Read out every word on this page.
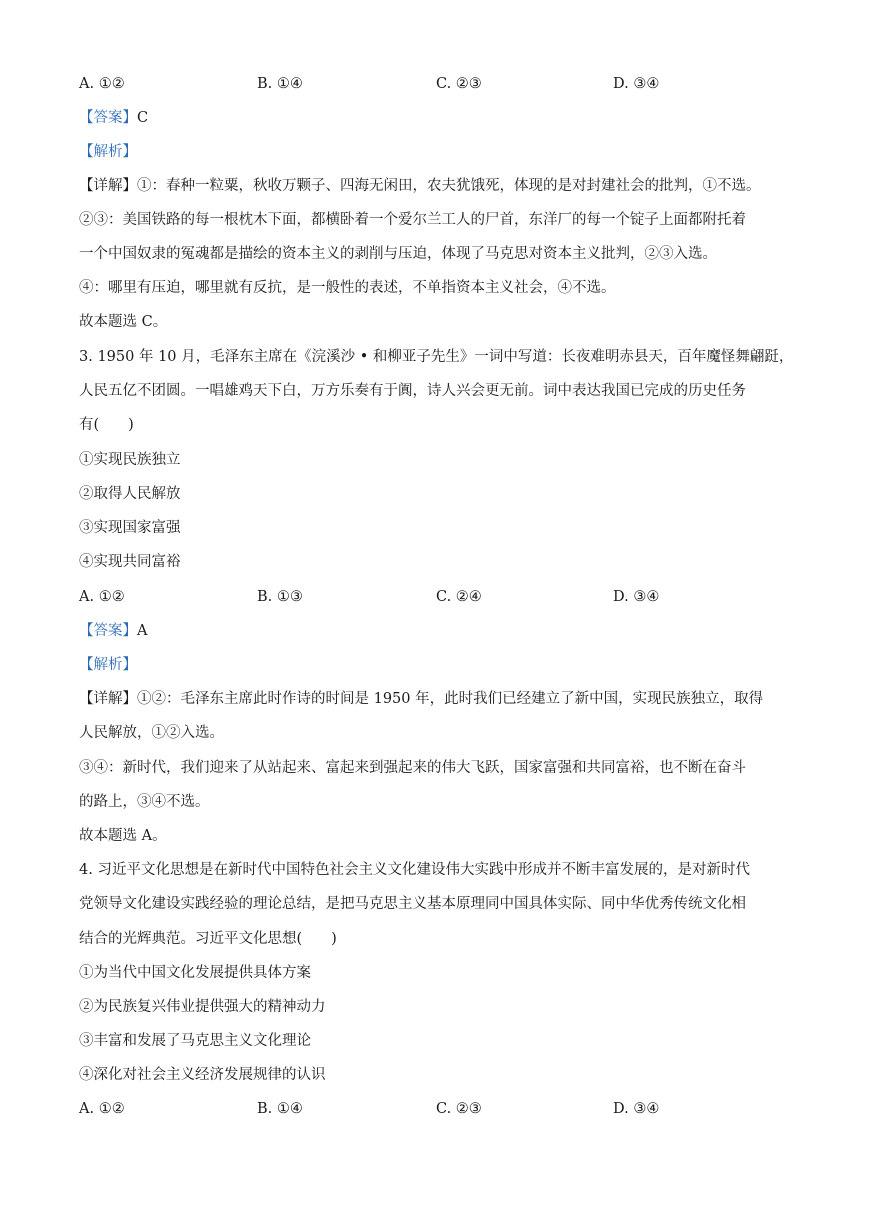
A. ①②	B. ①④	C. ②③	D. ③④
【答案】C
【解析】
【详解】①：春种一粒粟，秋收万颗子、四海无闲田，农夫犹饿死，体现的是对封建社会的批判，①不选。
②③：美国铁路的每一根枕木下面，都横卧着一个爱尔兰工人的尸首，东洋厂的每一个锭子上面都附托着
一个中国奴隶的冤魂都是描绘的资本主义的剥削与压迫，体现了马克思对资本主义批判，②③入选。
④：哪里有压迫，哪里就有反抗，是一般性的表述，不单指资本主义社会，④不选。
故本题选 C。
3. 1950 年 10 月，毛泽东主席在《浣溪沙 • 和柳亚子先生》一词中写道：长夜难明赤县天，百年魔怪舞翩跹，
人民五亿不团圆。一唱雄鸡天下白，万方乐奏有于阗，诗人兴会更无前。词中表达我国已完成的历史任务
有(　　)
①实现民族独立
②取得人民解放
③实现国家富强
④实现共同富裕
A. ①②	B. ①③	C. ②④	D. ③④
【答案】A
【解析】
【详解】①②：毛泽东主席此时作诗的时间是 1950 年，此时我们已经建立了新中国，实现民族独立，取得
人民解放，①②入选。
③④：新时代，我们迎来了从站起来、富起来到强起来的伟大飞跃，国家富强和共同富裕，也不断在奋斗
的路上，③④不选。
故本题选 A。
4. 习近平文化思想是在新时代中国特色社会主义文化建设伟大实践中形成并不断丰富发展的，是对新时代
党领导文化建设实践经验的理论总结，是把马克思主义基本原理同中国具体实际、同中华优秀传统文化相
结合的光辉典范。习近平文化思想(　　)
①为当代中国文化发展提供具体方案
②为民族复兴伟业提供强大的精神动力
③丰富和发展了马克思主义文化理论
④深化对社会主义经济发展规律的认识
A. ①②	B. ①④	C. ②③	D. ③④
